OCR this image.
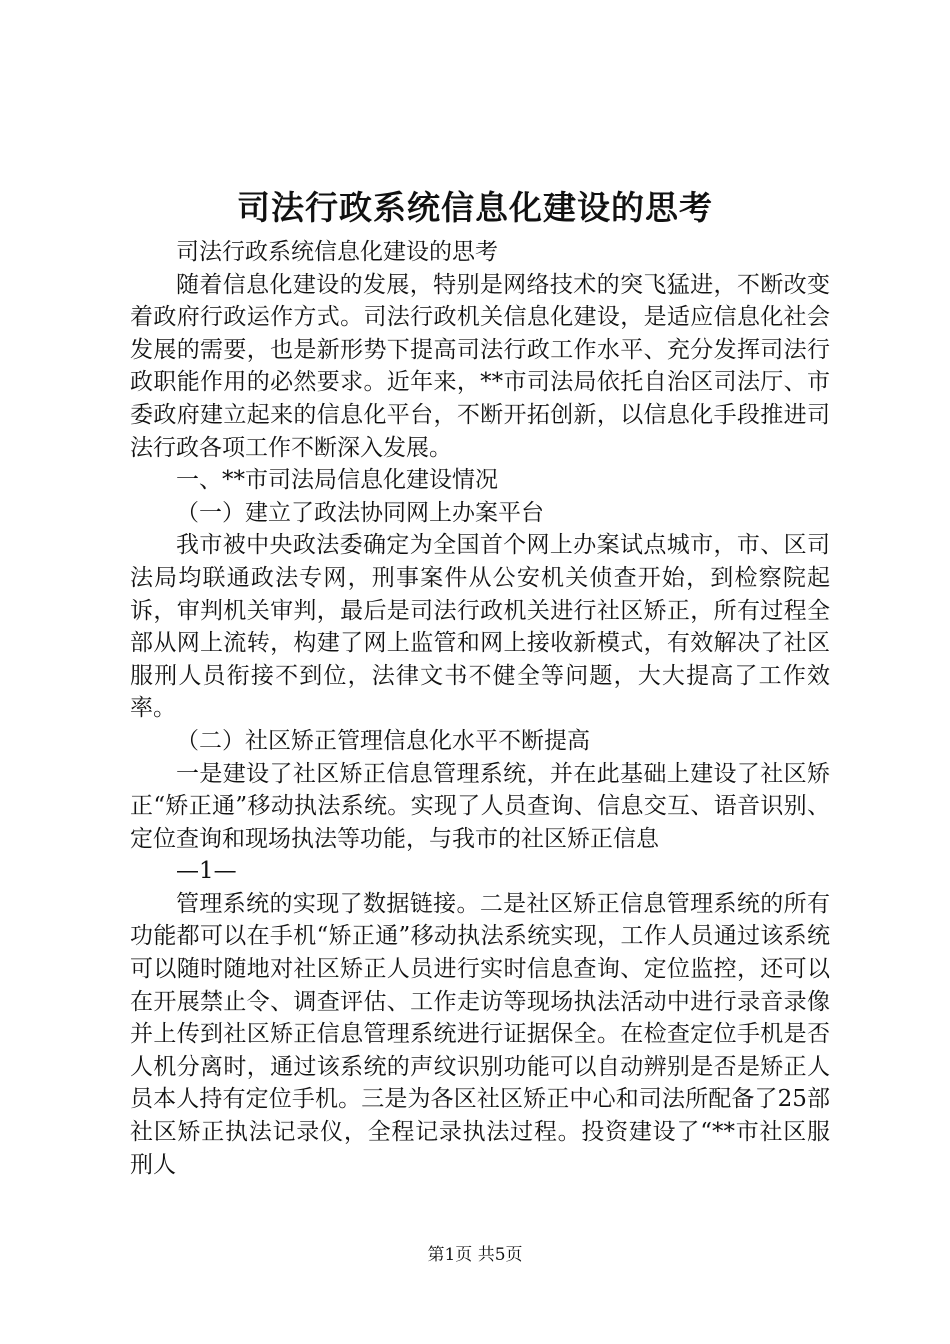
司法行政系统信息化建设的思考

司法行政系统信息化建设的思考

随着信息化建设的发展，特别是网络技术的突飞猛进，不断改变着政府行政运作方式。司法行政机关信息化建设，是适应信息化社会发展的需要，也是新形势下提高司法行政工作水平、充分发挥司法行政职能作用的必然要求。近年来，**市司法局依托自治区司法厅、市委政府建立起来的信息化平台，不断开拓创新，以信息化手段推进司法行政各项工作不断深入发展。

一、**市司法局信息化建设情况

（一）建立了政法协同网上办案平台

我市被中央政法委确定为全国首个网上办案试点城市，市、区司法局均联通政法专网，刑事案件从公安机关侦查开始，到检察院起诉，审判机关审判，最后是司法行政机关进行社区矫正，所有过程全部从网上流转，构建了网上监管和网上接收新模式，有效解决了社区服刑人员衔接不到位，法律文书不健全等问题，大大提高了工作效率。

（二）社区矫正管理信息化水平不断提高

一是建设了社区矫正信息管理系统，并在此基础上建设了社区矫正“矫正通”移动执法系统。实现了人员查询、信息交互、语音识别、定位查询和现场执法等功能，与我市的社区矫正信息

—1—

管理系统的实现了数据链接。二是社区矫正信息管理系统的所有功能都可以在手机“矫正通”移动执法系统实现，工作人员通过该系统可以随时随地对社区矫正人员进行实时信息查询、定位监控，还可以在开展禁止令、调查评估、工作走访等现场执法活动中进行录音录像并上传到社区矫正信息管理系统进行证据保全。在检查定位手机是否人机分离时，通过该系统的声纹识别功能可以自动辨别是否是矫正人员本人持有定位手机。三是为各区社区矫正中心和司法所配备了25部社区矫正执法记录仪，全程记录执法过程。投资建设了“**市社区服刑人

第1页 共5页
